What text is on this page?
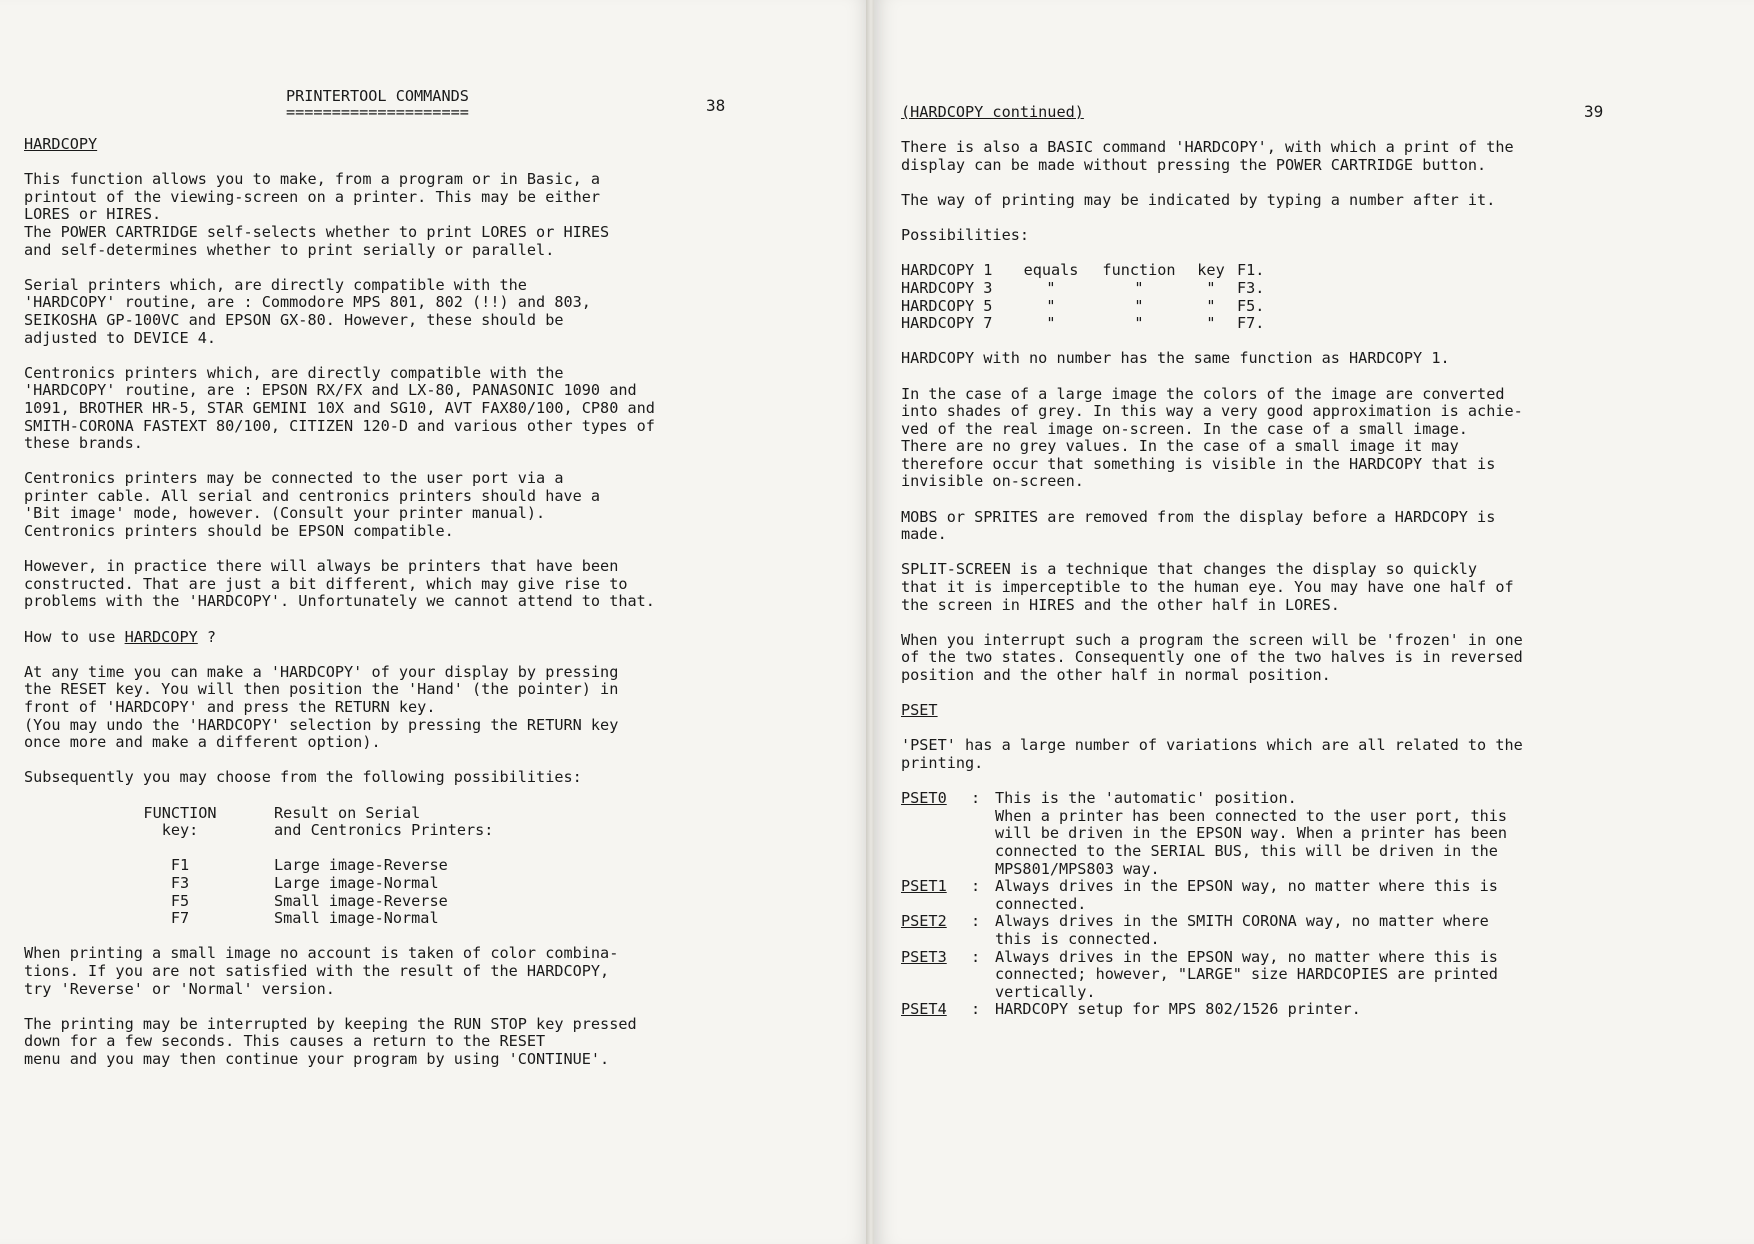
PRINTERTOOL COMMANDS
====================
HARDCOPY

This function allows you to make, from a program or in Basic, a
printout of the viewing-screen on a printer. This may be either
LORES or HIRES.
The POWER CARTRIDGE self-selects whether to print LORES or HIRES
and self-determines whether to print serially or parallel.

Serial printers which, are directly compatible with the
'HARDCOPY' routine, are : Commodore MPS 801, 802 (!!) and 803,
SEIKOSHA GP-100VC and EPSON GX-80. However, these should be
adjusted to DEVICE 4.

Centronics printers which, are directly compatible with the
'HARDCOPY' routine, are : EPSON RX/FX and LX-80, PANASONIC 1090 and
1091, BROTHER HR-5, STAR GEMINI 10X and SG10, AVT FAX80/100, CP80 and
SMITH-CORONA FASTEXT 80/100, CITIZEN 120-D and various other types of
these brands.

Centronics printers may be connected to the user port via a
printer cable. All serial and centronics printers should have a
'Bit image' mode, however. (Consult your printer manual).
Centronics printers should be EPSON compatible.

However, in practice there will always be printers that have been
constructed. That are just a bit different, which may give rise to
problems with the 'HARDCOPY'. Unfortunately we cannot attend to that.

How to use HARDCOPY ?

At any time you can make a 'HARDCOPY' of your display by pressing
the RESET key. You will then position the 'Hand' (the pointer) in
front of 'HARDCOPY' and press the RETURN key.
(You may undo the 'HARDCOPY' selection by pressing the RETURN key
once more and make a different option).

Subsequently you may choose from the following possibilities:

FUNCTION
key:	Result on Serial
and Centronics Printers:
F1	Large image-Reverse
F3	Large image-Normal
F5	Small image-Reverse
F7	Small image-Normal

When printing a small image no account is taken of color combina-
tions. If you are not satisfied with the result of the HARDCOPY,
try 'Reverse' or 'Normal' version.

The printing may be interrupted by keeping the RUN STOP key pressed
down for a few seconds. This causes a return to the RESET
menu and you may then continue your program by using 'CONTINUE'.

38	39

(HARDCOPY continued)

There is also a BASIC command 'HARDCOPY', with which a print of the
display can be made without pressing the POWER CARTRIDGE button.

The way of printing may be indicated by typing a number after it.

Possibilities:

HARDCOPY 1	equals	function	key	F1.
HARDCOPY 3	"	"	"	F3.
HARDCOPY 5	"	"	"	F5.
HARDCOPY 7	"	"	"	F7.

HARDCOPY with no number has the same function as HARDCOPY 1.

In the case of a large image the colors of the image are converted
into shades of grey. In this way a very good approximation is achie-
ved of the real image on-screen. In the case of a small image.
There are no grey values. In the case of a small image it may
therefore occur that something is visible in the HARDCOPY that is
invisible on-screen.

MOBS or SPRITES are removed from the display before a HARDCOPY is
made.

SPLIT-SCREEN is a technique that changes the display so quickly
that it is imperceptible to the human eye. You may have one half of
the screen in HIRES and the other half in LORES.

When you interrupt such a program the screen will be 'frozen' in one
of the two states. Consequently one of the two halves is in reversed
position and the other half in normal position.

PSET

'PSET' has a large number of variations which are all related to the
printing.

PSET0	: This is the 'automatic' position.
When a printer has been connected to the user port, this
will be driven in the EPSON way. When a printer has been
connected to the SERIAL BUS, this will be driven in the
MPS801/MPS803 way.
PSET1	: Always drives in the EPSON way, no matter where this is
connected.
PSET2	: Always drives in the SMITH CORONA way, no matter where
this is connected.
PSET3	: Always drives in the EPSON way, no matter where this is
connected; however, "LARGE" size HARDCOPIES are printed
vertically.
PSET4	: HARDCOPY setup for MPS 802/1526 printer.
